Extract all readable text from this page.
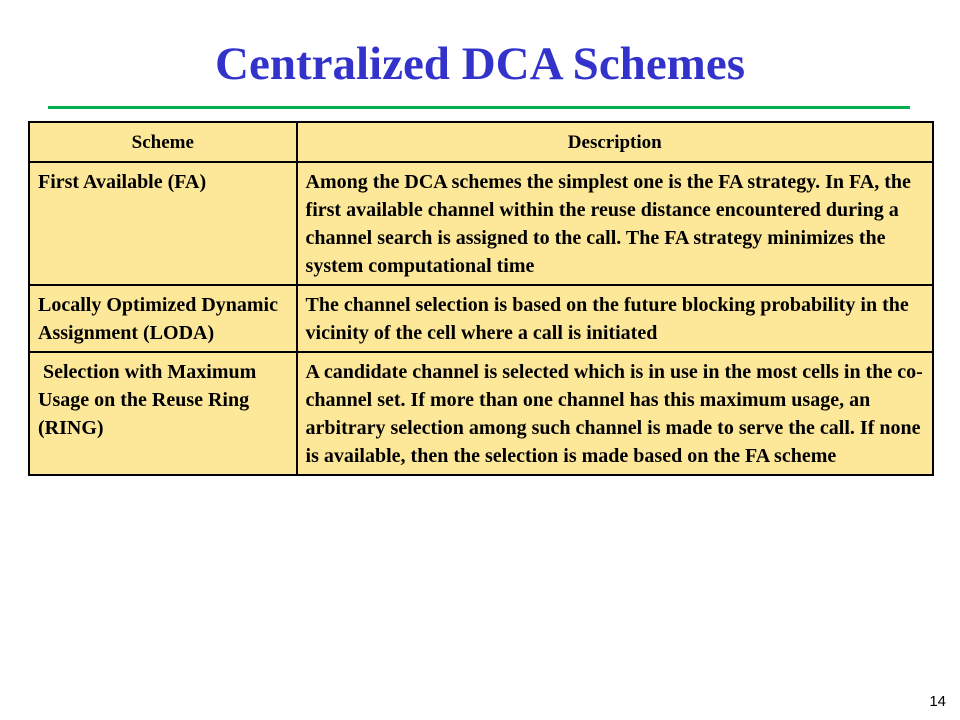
Centralized DCA Schemes
Scheme	Description
First Available (FA)	Among the DCA schemes the simplest one is the FA strategy. In FA, the first available channel within the reuse distance encountered during a channel search is assigned to the call. The FA strategy minimizes the system computational time
Locally Optimized Dynamic Assignment (LODA)	The channel selection is based on the future blocking probability in the vicinity of the cell where a call is initiated
Selection with Maximum Usage on the Reuse Ring (RING)	A candidate channel is selected which is in use in the most cells in the co-channel set. If more than one channel has this maximum usage, an arbitrary selection among such channel is made to serve the call. If none is available, then the selection is made based on the FA scheme
14
